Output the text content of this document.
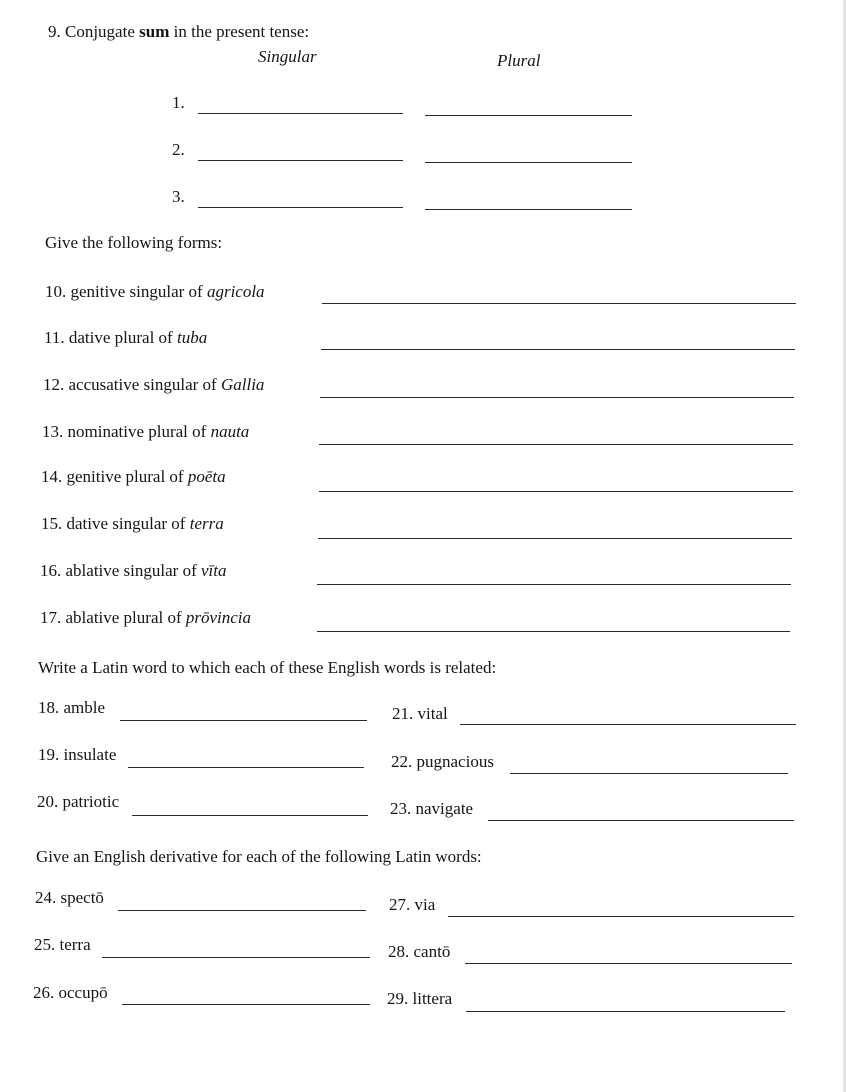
9. Conjugate sum in the present tense:
Singular	Plural
1.
2.
3.
Give the following forms:
10. genitive singular of agricola
11. dative plural of tuba
12. accusative singular of Gallia
13. nominative plural of nauta
14. genitive plural of poēta
15. dative singular of terra
16. ablative singular of vīta
17. ablative plural of prōvincia
Write a Latin word to which each of these English words is related:
18. amble	21. vital
19. insulate	22. pugnacious
20. patriotic	23. navigate
Give an English derivative for each of the following Latin words:
24. spectō	27. via
25. terra	28. cantō
26. occupō	29. littera
